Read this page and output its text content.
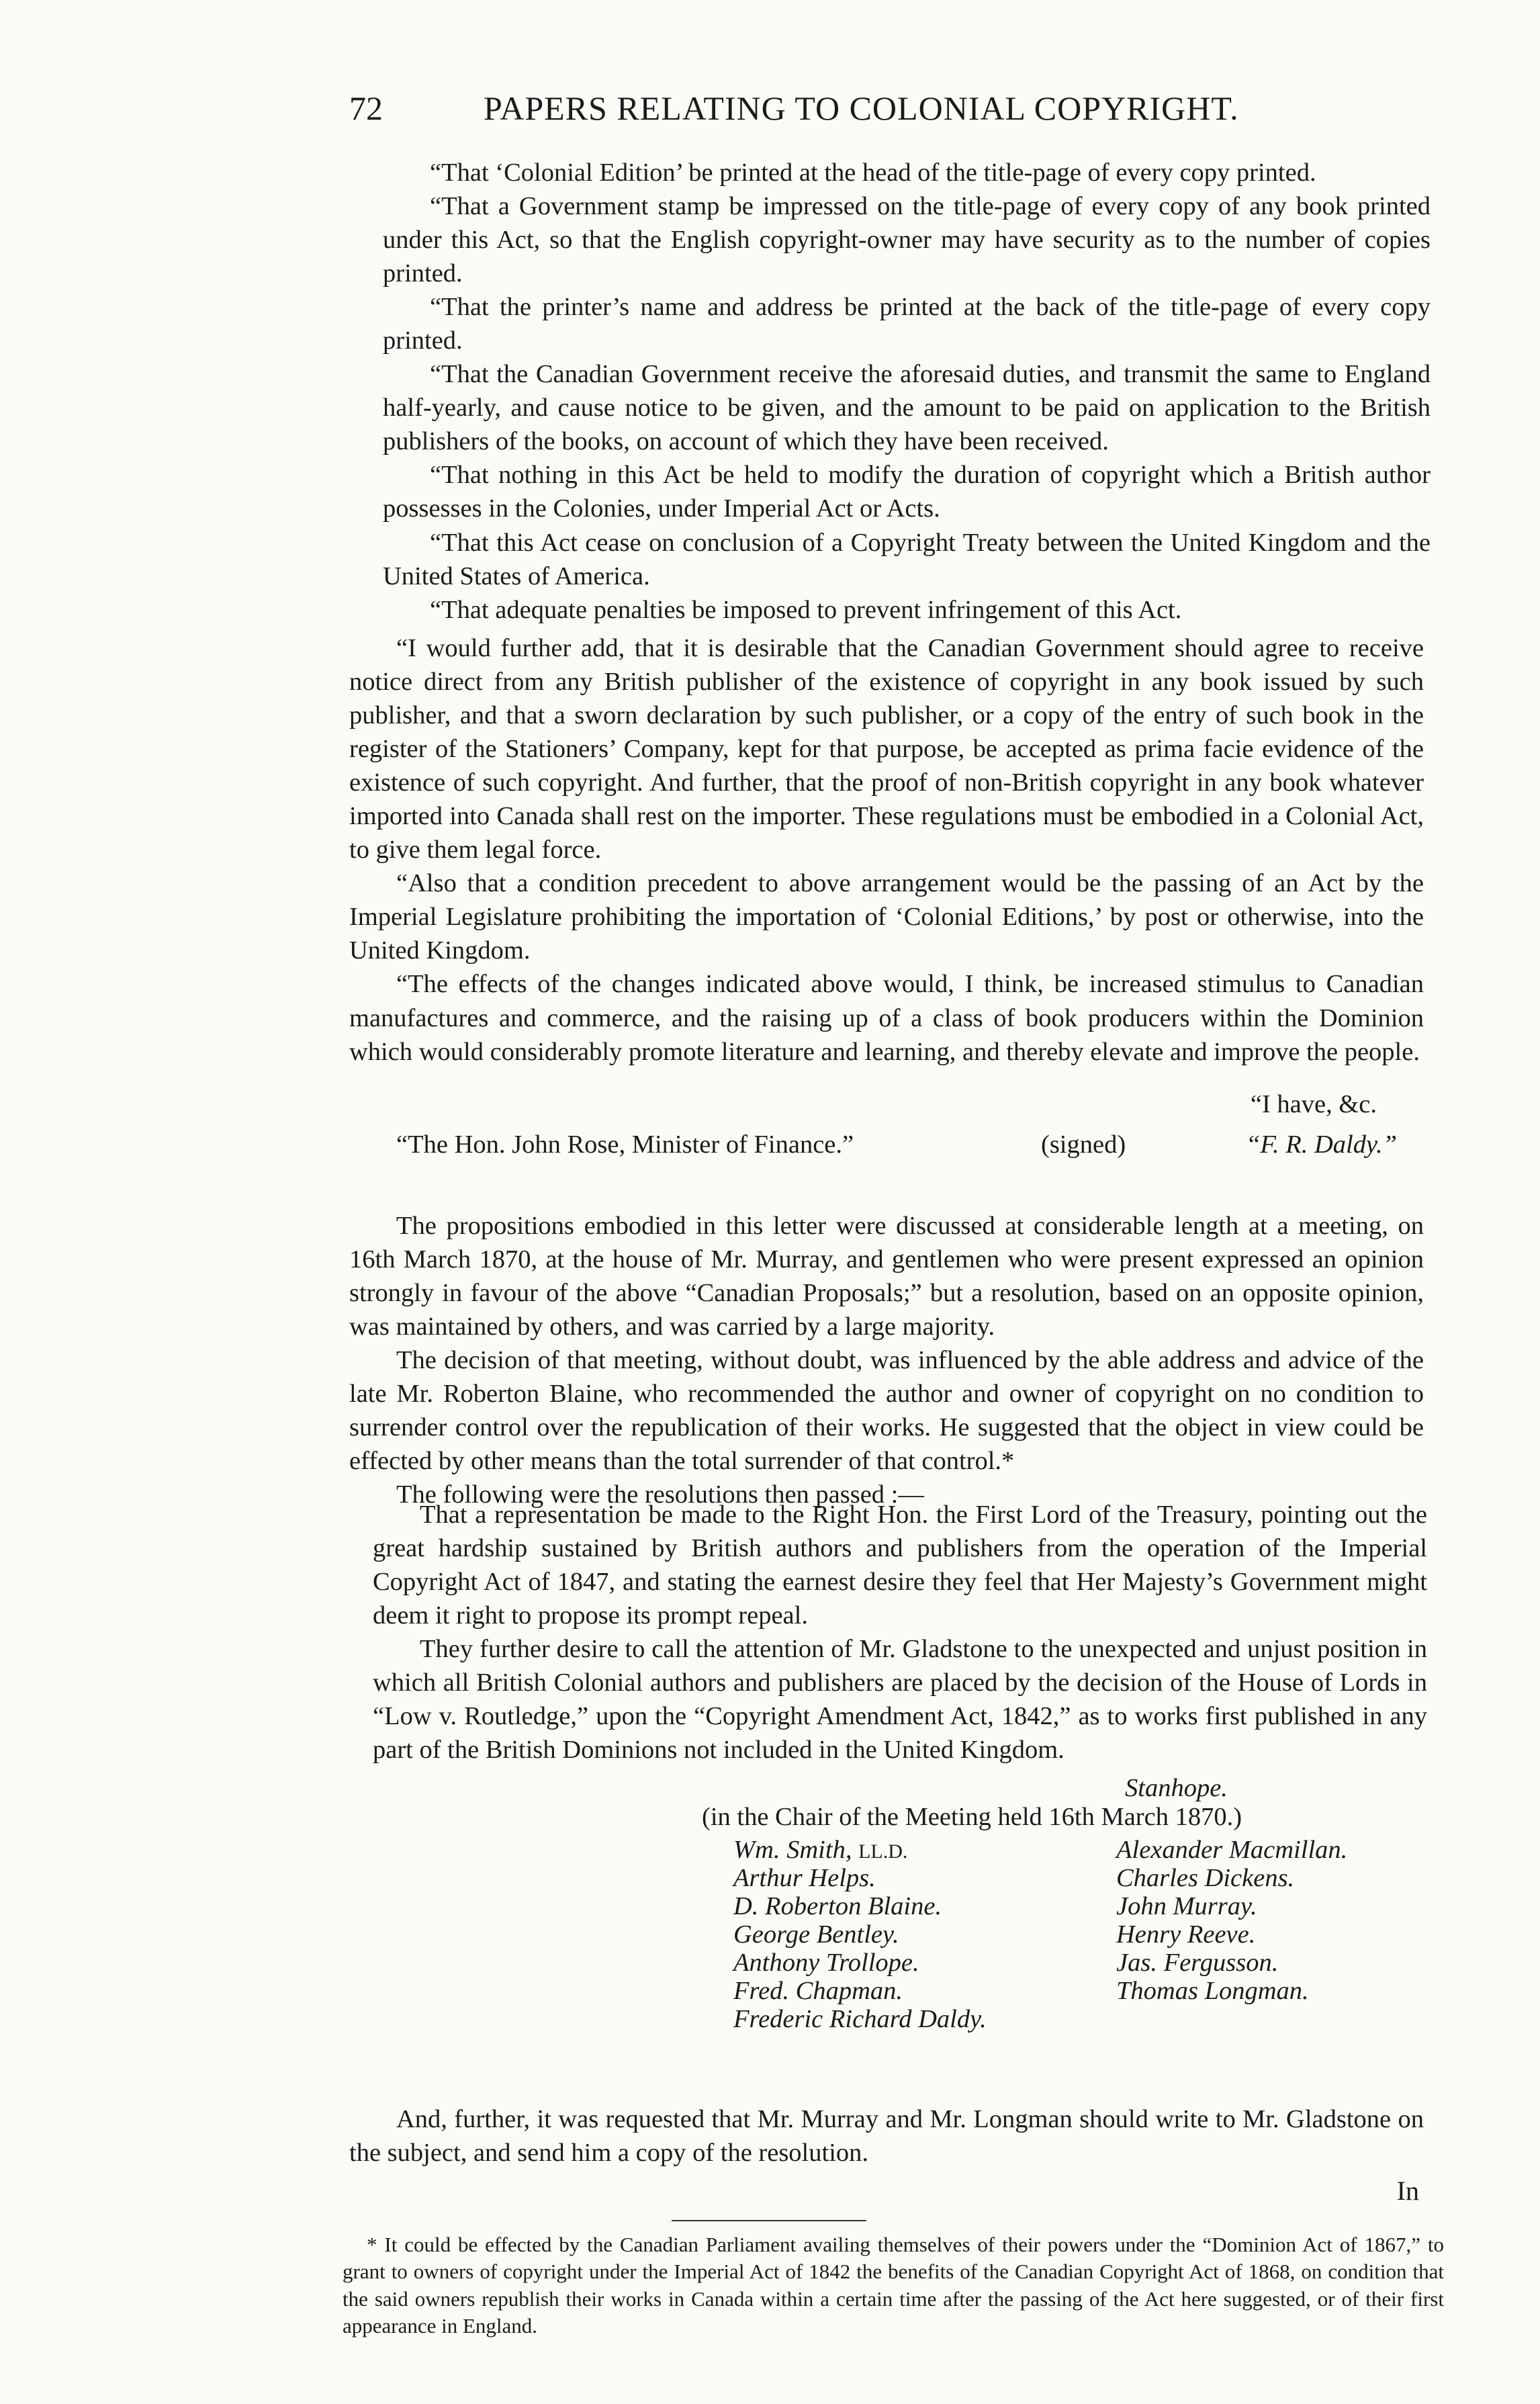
72	PAPERS RELATING TO COLONIAL COPYRIGHT.

“That ‘Colonial Edition’ be printed at the head of the title-page of every copy printed.

“That a Government stamp be impressed on the title-page of every copy of any book printed under this Act, so that the English copyright-owner may have security as to the number of copies printed.

“That the printer’s name and address be printed at the back of the title-page of every copy printed.

“That the Canadian Government receive the aforesaid duties, and transmit the same to England half-yearly, and cause notice to be given, and the amount to be paid on application to the British publishers of the books, on account of which they have been received.

“That nothing in this Act be held to modify the duration of copyright which a British author possesses in the Colonies, under Imperial Act or Acts.

“That this Act cease on conclusion of a Copyright Treaty between the United Kingdom and the United States of America.

“That adequate penalties be imposed to prevent infringement of this Act.

“I would further add, that it is desirable that the Canadian Government should agree to receive notice direct from any British publisher of the existence of copyright in any book issued by such publisher, and that a sworn declaration by such publisher, or a copy of the entry of such book in the register of the Stationers’ Company, kept for that purpose, be accepted as prima facie evidence of the existence of such copyright. And further, that the proof of non-British copyright in any book whatever imported into Canada shall rest on the importer. These regulations must be embodied in a Colonial Act, to give them legal force.

“Also that a condition precedent to above arrangement would be the passing of an Act by the Imperial Legislature prohibiting the importation of ‘Colonial Editions,’ by post or otherwise, into the United Kingdom.

“The effects of the changes indicated above would, I think, be increased stimulus to Canadian manufactures and commerce, and the raising up of a class of book producers within the Dominion which would considerably promote literature and learning, and thereby elevate and improve the people.

“I have, &c.
“The Hon. John Rose, Minister of Finance.”	(signed)	“F. R. Daldy.”

The propositions embodied in this letter were discussed at considerable length at a meeting, on 16th March 1870, at the house of Mr. Murray, and gentlemen who were present expressed an opinion strongly in favour of the above “Canadian Proposals;” but a resolution, based on an opposite opinion, was maintained by others, and was carried by a large majority.

The decision of that meeting, without doubt, was influenced by the able address and advice of the late Mr. Roberton Blaine, who recommended the author and owner of copyright on no condition to surrender control over the republication of their works. He suggested that the object in view could be effected by other means than the total surrender of that control.*

The following were the resolutions then passed :—

That a representation be made to the Right Hon. the First Lord of the Treasury, pointing out the great hardship sustained by British authors and publishers from the operation of the Imperial Copyright Act of 1847, and stating the earnest desire they feel that Her Majesty’s Government might deem it right to propose its prompt repeal.

They further desire to call the attention of Mr. Gladstone to the unexpected and unjust position in which all British Colonial authors and publishers are placed by the decision of the House of Lords in “Low v. Routledge,” upon the “Copyright Amendment Act, 1842,” as to works first published in any part of the British Dominions not included in the United Kingdom.

Stanhope.
(in the Chair of the Meeting held 16th March 1870.)
Wm. Smith, LL.D.
Arthur Helps.
D. Roberton Blaine.
George Bentley.
Anthony Trollope.
Fred. Chapman.
Frederic Richard Daldy.
Alexander Macmillan.
Charles Dickens.
John Murray.
Henry Reeve.
Jas. Fergusson.
Thomas Longman.

And, further, it was requested that Mr. Murray and Mr. Longman should write to Mr. Gladstone on the subject, and send him a copy of the resolution.

In

* It could be effected by the Canadian Parliament availing themselves of their powers under the “Dominion Act of 1867,” to grant to owners of copyright under the Imperial Act of 1842 the benefits of the Canadian Copyright Act of 1868, on condition that the said owners republish their works in Canada within a certain time after the passing of the Act here suggested, or of their first appearance in England.
